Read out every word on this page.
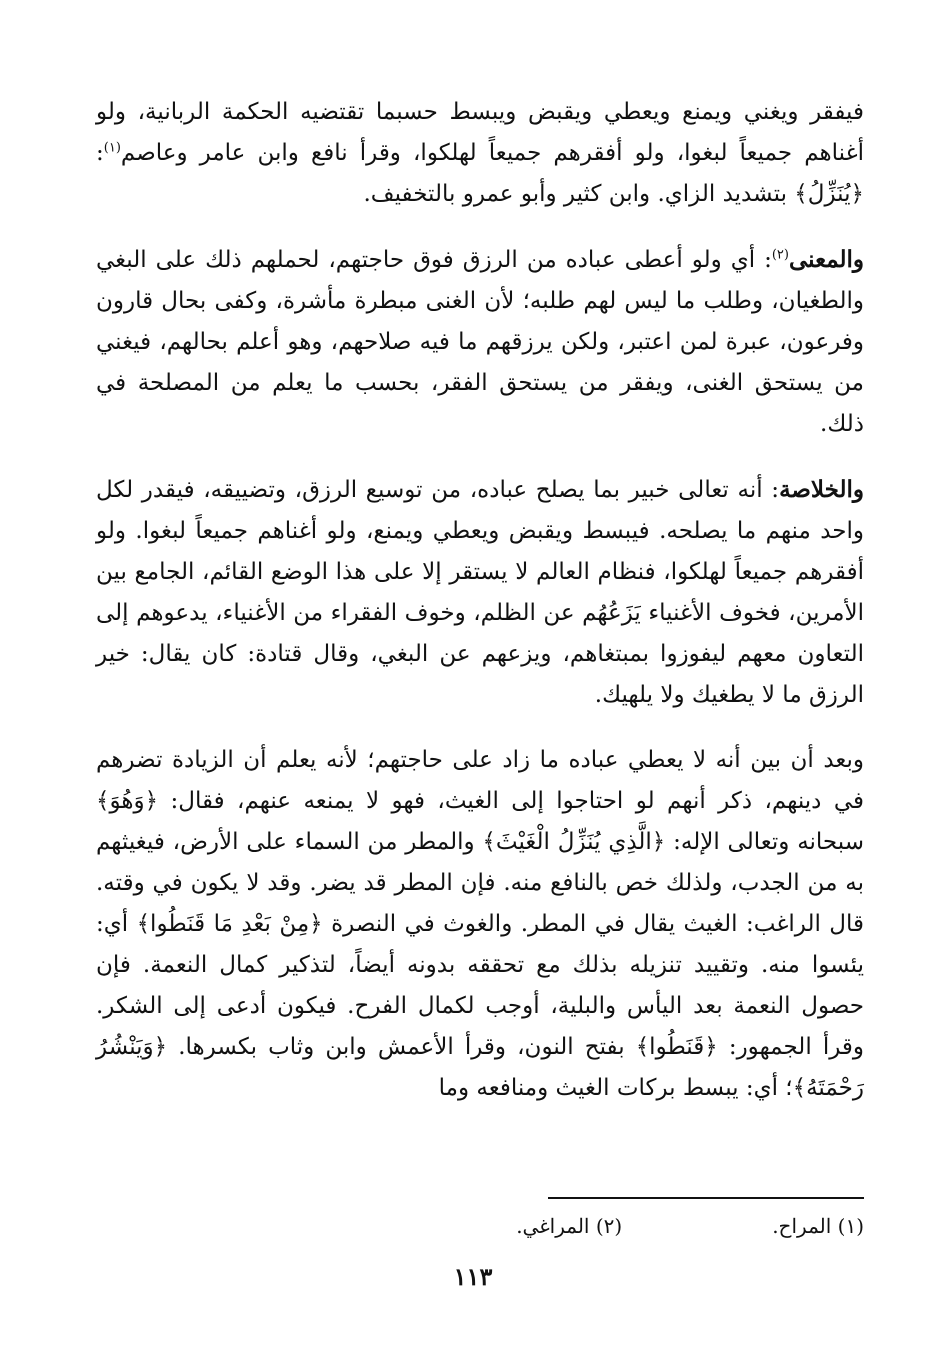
فيفقر ويغني ويمنع ويعطي ويقبض ويبسط حسبما تقتضيه الحكمة الربانية، ولو أغناهم جميعاً لبغوا، ولو أفقرهم جميعاً لهلكوا، وقرأ نافع وابن عامر وعاصم$^{(١)}$: ﴿يُنَزِّلُ﴾ بتشديد الزاي. وابن كثير وأبو عمرو بالتخفيف.

والمعنى$^{(٢)}$: أي ولو أعطى عباده من الرزق فوق حاجتهم، لحملهم ذلك على البغي والطغيان، وطلب ما ليس لهم طلبه؛ لأن الغنى مبطرة مأشرة، وكفى بحال قارون وفرعون، عبرة لمن اعتبر، ولكن يرزقهم ما فيه صلاحهم، وهو أعلم بحالهم، فيغني من يستحق الغنى، ويفقر من يستحق الفقر، بحسب ما يعلم من المصلحة في ذلك.

والخلاصة: أنه تعالى خبير بما يصلح عباده، من توسيع الرزق، وتضييقه، فيقدر لكل واحد منهم ما يصلحه. فيبسط ويقبض ويعطي ويمنع، ولو أغناهم جميعاً لبغوا. ولو أفقرهم جميعاً لهلكوا، فنظام العالم لا يستقر إلا على هذا الوضع القائم، الجامع بين الأمرين، فخوف الأغنياء يَزَعُهُم عن الظلم، وخوف الفقراء من الأغنياء، يدعوهم إلى التعاون معهم ليفوزوا بمبتغاهم، ويزعهم عن البغي، وقال قتادة: كان يقال: خير الرزق ما لا يطغيك ولا يلهيك.

وبعد أن بين أنه لا يعطي عباده ما زاد على حاجتهم؛ لأنه يعلم أن الزيادة تضرهم في دينهم، ذكر أنهم لو احتاجوا إلى الغيث، فهو لا يمنعه عنهم، فقال: ﴿وَهُوَ﴾ سبحانه وتعالى الإله: ﴿الَّذِي يُنَزِّلُ الْغَيْثَ﴾ والمطر من السماء على الأرض، فيغيثهم به من الجدب، ولذلك خص بالنافع منه. فإن المطر قد يضر. وقد لا يكون في وقته. قال الراغب: الغيث يقال في المطر. والغوث في النصرة ﴿مِنْ بَعْدِ مَا قَنَطُوا﴾ أي: يئسوا منه. وتقييد تنزيله بذلك مع تحققه بدونه أيضاً، لتذكير كمال النعمة. فإن حصول النعمة بعد اليأس والبلية، أوجب لكمال الفرح. فيكون أدعى إلى الشكر. وقرأ الجمهور: ﴿قَنَطُوا﴾ بفتح النون، وقرأ الأعمش وابن وثاب بكسرها. ﴿وَيَنْشُرُ رَحْمَتَهُ﴾؛ أي: يبسط بركات الغيث ومنافعه وما

(١) المراح.(٢) المراغي.
١١٣
